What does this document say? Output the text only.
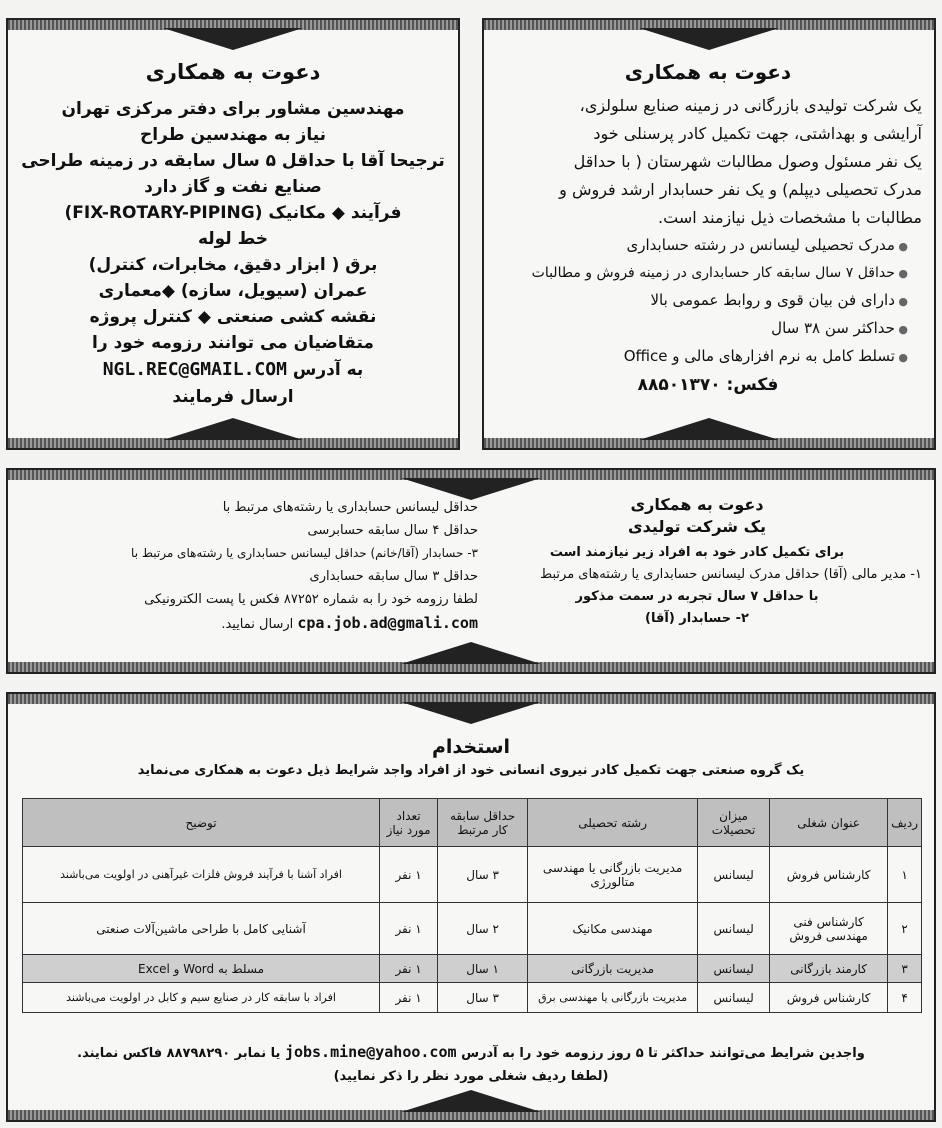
دعوت به همکاری
مهندسین مشاور برای دفتر مرکزی تهران
نیاز به مهندسین طراح
ترجیحا آقا با حداقل ۵ سال سابقه در زمینه طراحی
صنایع نفت و گاز دارد
فرآیند ◆ مکانیک (FIX-ROTARY-PIPING)
خط لوله
برق ( ابزار دقیق، مخابرات، کنترل)
عمران (سیویل، سازه) ◆معماری
نقشه کشی صنعتی ◆ کنترل پروژه
متقاضیان می توانند رزومه خود را
به آدرس NGL.REC@GMAIL.COM
ارسال فرمایند
دعوت به همکاری
یک شرکت تولیدی بازرگانی در زمینه صنایع سلولزی،
آرایشی و بهداشتی، جهت تکمیل کادر پرسنلی خود
یک نفر مسئول وصول مطالبات شهرستان ( با حداقل
مدرک تحصیلی دیپلم) و یک نفر حسابدار ارشد فروش و
مطالبات با مشخصات ذیل نیازمند است.
● مدرک تحصیلی لیسانس در رشته حسابداری
● حداقل ۷ سال سابقه کار حسابداری در زمینه فروش و مطالبات
● دارای فن بیان قوی و روابط عمومی بالا
● حداکثر سن ۳۸ سال
● تسلط کامل به نرم افزارهای مالی و Office
فکس: ۸۸۵۰۱۳۷۰
دعوت به همکاری
یک شرکت تولیدی
برای تکمیل کادر خود به افراد زیر نیازمند است
۱- مدیر مالی (آقا) حداقل مدرک لیسانس حسابداری یا رشته‌های مرتبط
با حداقل ۷ سال تجربه در سمت مذکور
۲- حسابدار (آقا)
حداقل لیسانس حسابداری یا رشته‌های مرتبط با
حداقل ۴ سال سابقه حسابرسی
۳- حسابدار (آقا/خانم) حداقل لیسانس حسابداری یا رشته‌های مرتبط با
حداقل ۳ سال سابقه حسابداری
لطفا رزومه خود را به شماره ۸۷۲۵۲ فکس یا پست الکترونیکی
cpa.job.ad@gmali.com ارسال نمایید.
استخدام
یک گروه صنعتی جهت تکمیل کادر نیروی انسانی خود از افراد واجد شرایط ذیل دعوت به همکاری می‌نماید
ردیف	عنوان شغلی	میزان تحصیلات	رشته تحصیلی	حداقل سابقه کار مرتبط	تعداد مورد نیاز	توضیح
۱	کارشناس فروش	لیسانس	مدیریت بازرگانی یا مهندسی متالورژی	۳ سال	۱ نفر	افراد آشنا با فرآیند فروش فلزات غیرآهنی در اولویت می‌باشند
۲	کارشناس فنی مهندسی فروش	لیسانس	مهندسی مکانیک	۲ سال	۱ نفر	آشنایی کامل با طراحی ماشین‌آلات صنعتی
۳	کارمند بازرگانی	لیسانس	مدیریت بازرگانی	۱ سال	۱ نفر	مسلط به Word و Excel
۴	کارشناس فروش	لیسانس	مدیریت بازرگانی یا مهندسی برق	۳ سال	۱ نفر	افراد با سابقه کار در صنایع سیم و کابل در اولویت می‌باشند
واجدین شرایط می‌توانند حداکثر تا ۵ روز رزومه خود را به آدرس jobs.mine@yahoo.com یا نمابر ۸۸۷۹۸۲۹۰ فاکس نمایند.
(لطفا ردیف شغلی مورد نظر را ذکر نمایید)
